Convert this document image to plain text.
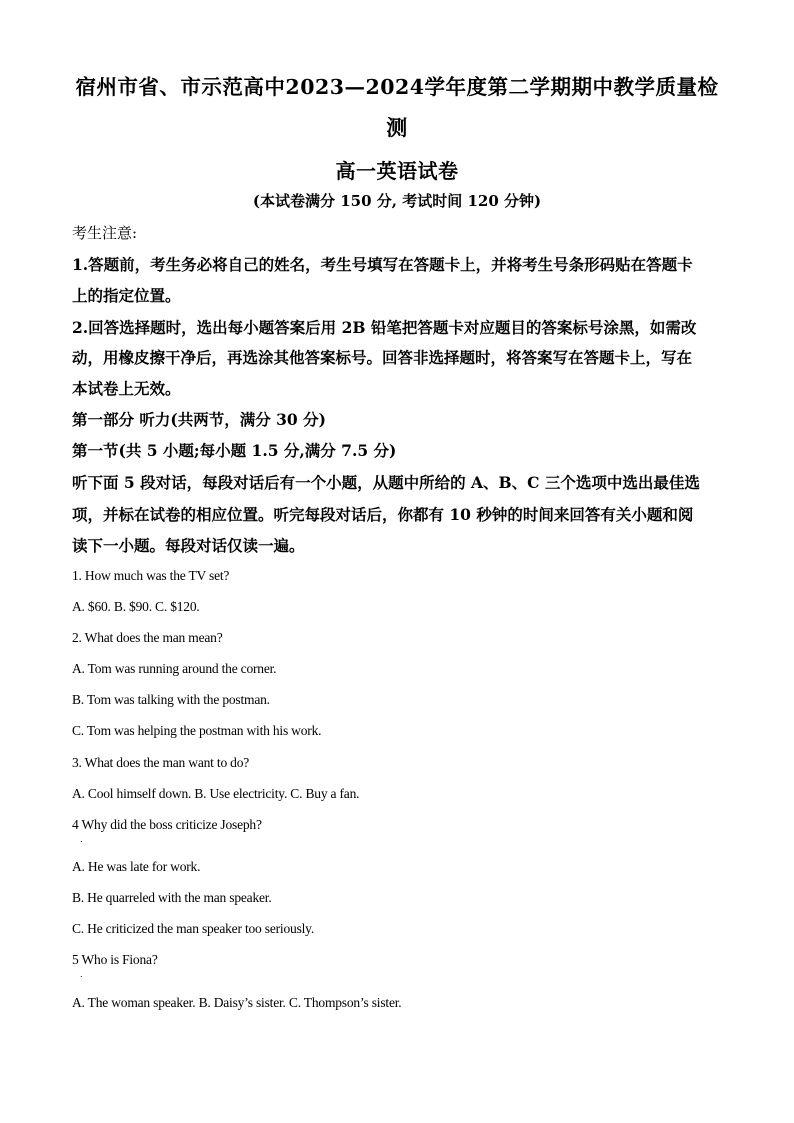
宿州市省、市示范高中2023—2024学年度第二学期期中教学质量检
测
高一英语试卷
(本试卷满分 150 分, 考试时间 120 分钟)
考生注意:
1.答题前，考生务必将自己的姓名，考生号填写在答题卡上，并将考生号条形码贴在答题卡
上的指定位置。
2.回答选择题时，选出每小题答案后用 2B 铅笔把答题卡对应题目的答案标号涂黑，如需改
动，用橡皮擦干净后，再选涂其他答案标号。回答非选择题时，将答案写在答题卡上，写在
本试卷上无效。
第一部分 听力(共两节，满分 30 分)
第一节(共 5 小题;每小题 1.5 分,满分 7.5 分)
听下面 5 段对话，每段对话后有一个小题，从题中所给的 A、B、C 三个选项中选出最佳选
项，并标在试卷的相应位置。听完每段对话后，你都有 10 秒钟的时间来回答有关小题和阅
读下一小题。每段对话仅读一遍。
1. How much was the TV set?
A. $60. B. $90. C. $120.
2. What does the man mean?
A. Tom was running around the corner.
B. Tom was talking with the postman.
C. Tom was helping the postman with his work.
3. What does the man want to do?
A. Cool himself down. B. Use electricity. C. Buy a fan.
4 Why did the boss criticize Joseph?
.
A. He was late for work.
B. He quarreled with the man speaker.
C. He criticized the man speaker too seriously.
5 Who is Fiona?
.
A. The woman speaker. B. Daisy’s sister. C. Thompson’s sister.
